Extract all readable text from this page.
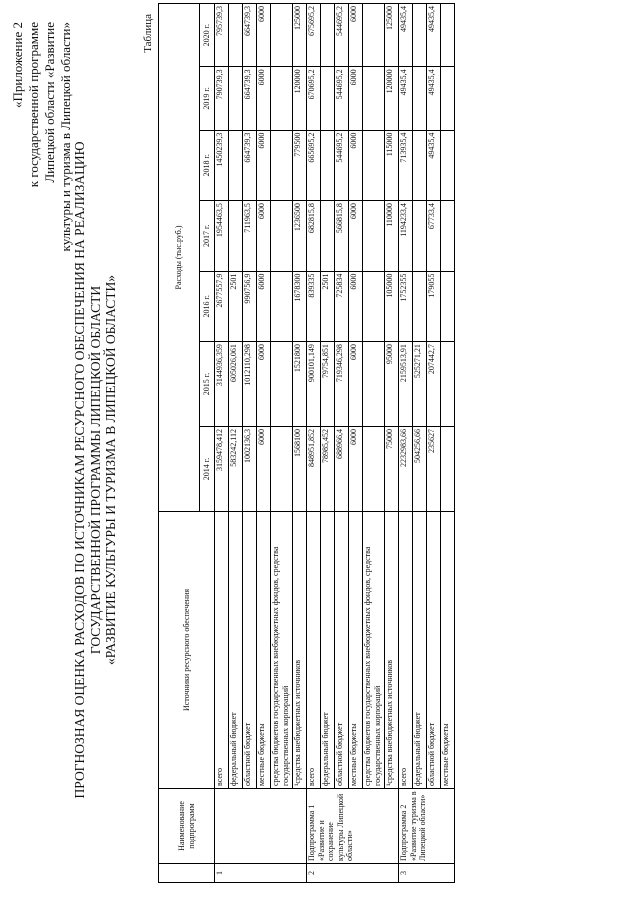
«Приложение 2 к государственной программе Липецкой области «Развитие культуры и туризма в Липецкой области»
ПРОГНОЗНАЯ ОЦЕНКА РАСХОДОВ ПО ИСТОЧНИКАМ РЕСУРСНОГО ОБЕСПЕЧЕНИЯ НА РЕАЛИЗАЦИЮ ГОСУДАРСТВЕННОЙ ПРОГРАММЫ ЛИПЕЦКОЙ ОБЛАСТИ «РАЗВИТИЕ КУЛЬТУРЫ И ТУРИЗМА В ЛИПЕЦКОЙ ОБЛАСТИ»
Таблица
	Наименование подпрограмм	Источники ресурсного обеспечения	Расходы (тыс.руб.)						
			2014 г.	2015 г.	2016 г.	2017 г.	2018 г.	2019 г.	2020 г.
1		всего	3159478,412	3144936,359	2677557,9	1954463,5	1450239,3	790739,3	795739,3
		федеральный бюджет	583242,112	605026,061	2501				
		областной бюджет	1002136,3	1012110,298	990756,9	711963,5	664739,3	664739,3	664739,3
		местные бюджеты	6000	6000	6000	6000	6000	6000	6000
		средства бюджетов государственных внебюджетных фондов, средства государственных корпораций							
		¹средства внебюджетных источников	1568100	1521800	1678300	1236500	779500	120000	125000
2	Подпрограмма 1 «Развитие и сохранение культуры Липецкой области»	всего	848951,852	900101,149	839335	682815,8	665695,2	670695,2	675695,2
		федеральный бюджет	78985,452	79754,851	2501				
		областной бюджет	688966,4	719346,298	725834	566815,8	544695,2	544695,2	544695,2
		местные бюджеты	6000	6000	6000	6000	6000	6000	6000
		средства бюджетов государственных внебюджетных фондов, средства государственных корпораций							
		¹средства внебюджетных источников	75000	95000	105000	110000	115000	120000	125000
3	Подпрограмма 2 «Развитие туризма в Липецкой области»	всего	2232983,66	2159513,91	1752355	1194233,4	713935,4	49435,4	49435,4
		федеральный бюджет	504256,66	525271,21					
		областной бюджет	235627	207442,7	179055	67733,4	49435,4	49435,4	49435,4
		местные бюджеты							
